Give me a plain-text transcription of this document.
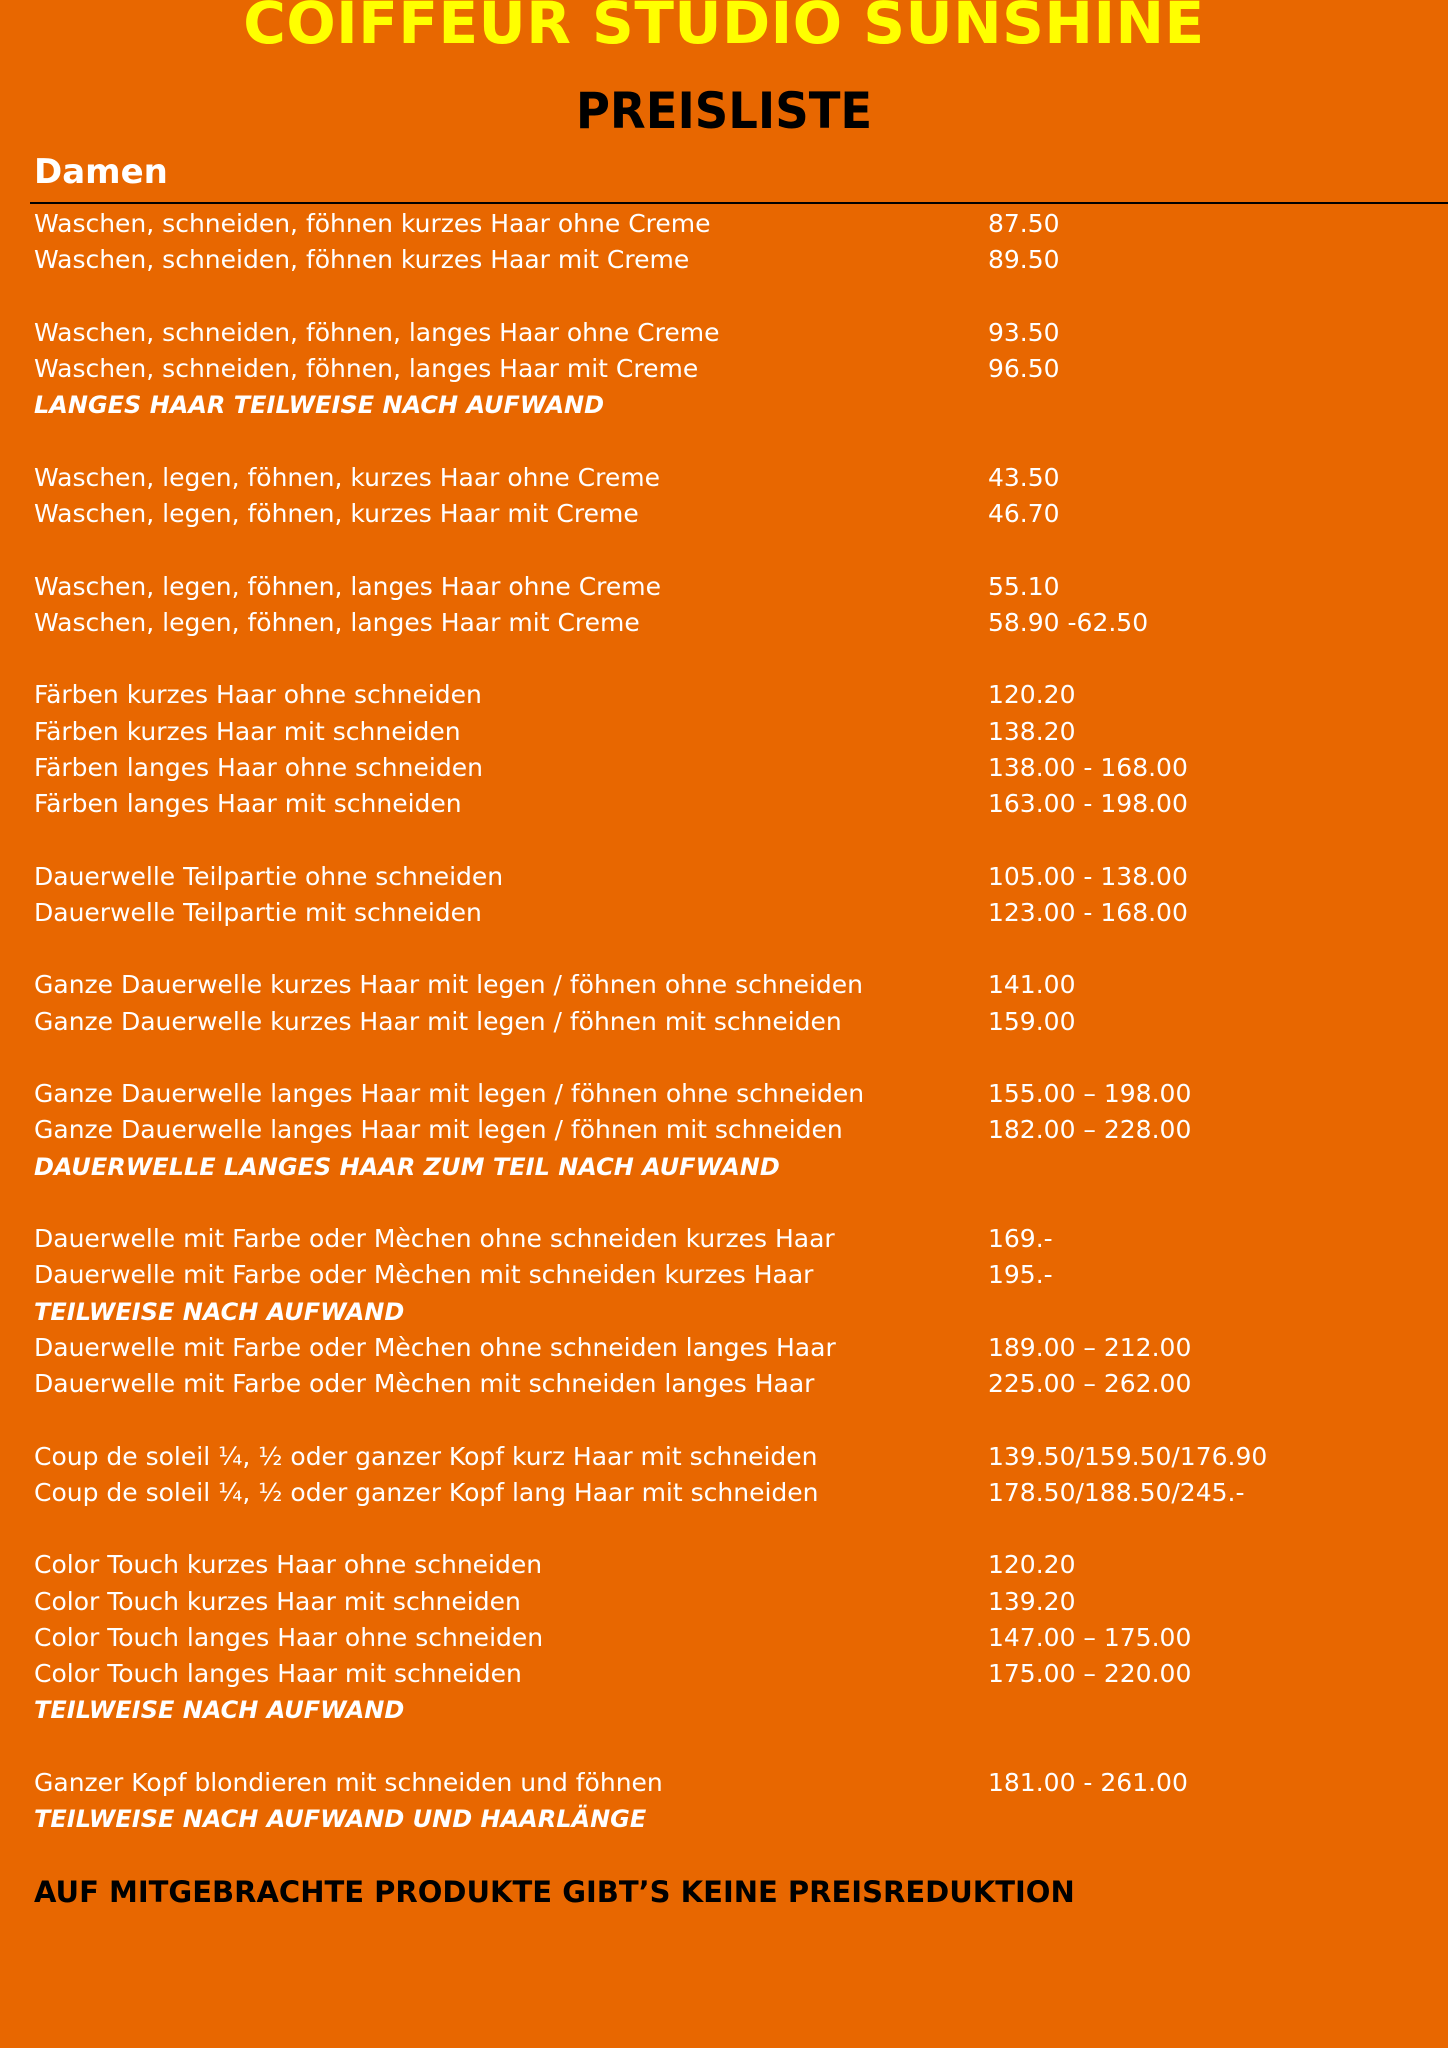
COIFFEUR STUDIO SUNSHINE
PREISLISTE
Damen
Waschen, schneiden, föhnen kurzes Haar ohne Creme	87.50
Waschen, schneiden, föhnen kurzes Haar mit Creme	89.50
Waschen, schneiden, föhnen, langes Haar ohne Creme	93.50
Waschen, schneiden, föhnen, langes Haar mit Creme	96.50
LANGES HAAR TEILWEISE NACH AUFWAND
Waschen, legen, föhnen, kurzes Haar ohne Creme	43.50
Waschen, legen, föhnen, kurzes Haar mit Creme	46.70
Waschen, legen, föhnen, langes Haar ohne Creme	55.10
Waschen, legen, föhnen, langes Haar mit Creme	58.90 -62.50
Färben kurzes Haar ohne schneiden	120.20
Färben kurzes Haar mit schneiden	138.20
Färben langes Haar ohne schneiden	138.00 - 168.00
Färben langes Haar mit schneiden	163.00 - 198.00
Dauerwelle Teilpartie ohne schneiden	105.00 - 138.00
Dauerwelle Teilpartie mit schneiden	123.00 - 168.00
Ganze Dauerwelle kurzes Haar mit legen / föhnen ohne schneiden	141.00
Ganze Dauerwelle kurzes Haar mit legen / föhnen mit schneiden	159.00
Ganze Dauerwelle langes Haar mit legen / föhnen ohne schneiden	155.00 – 198.00
Ganze Dauerwelle langes Haar mit legen / föhnen mit schneiden	182.00 – 228.00
DAUERWELLE LANGES HAAR ZUM TEIL NACH AUFWAND
Dauerwelle mit Farbe oder Mèchen ohne schneiden kurzes Haar	169.-
Dauerwelle mit Farbe oder Mèchen mit schneiden kurzes Haar	195.-
TEILWEISE NACH AUFWAND
Dauerwelle mit Farbe oder Mèchen ohne schneiden langes Haar	189.00 – 212.00
Dauerwelle mit Farbe oder Mèchen mit schneiden langes Haar	225.00 – 262.00
Coup de soleil ¼, ½ oder ganzer Kopf kurz Haar mit schneiden	139.50/159.50/176.90
Coup de soleil ¼, ½ oder ganzer Kopf lang Haar mit schneiden	178.50/188.50/245.-
Color Touch kurzes Haar ohne schneiden	120.20
Color Touch kurzes Haar mit schneiden	139.20
Color Touch langes Haar ohne schneiden	147.00 – 175.00
Color Touch langes Haar mit schneiden	175.00 – 220.00
TEILWEISE NACH AUFWAND
Ganzer Kopf blondieren mit schneiden und föhnen	181.00 - 261.00
TEILWEISE NACH AUFWAND UND HAARLÄNGE

AUF MITGEBRACHTE PRODUKTE GIBT’S KEINE PREISREDUKTION
